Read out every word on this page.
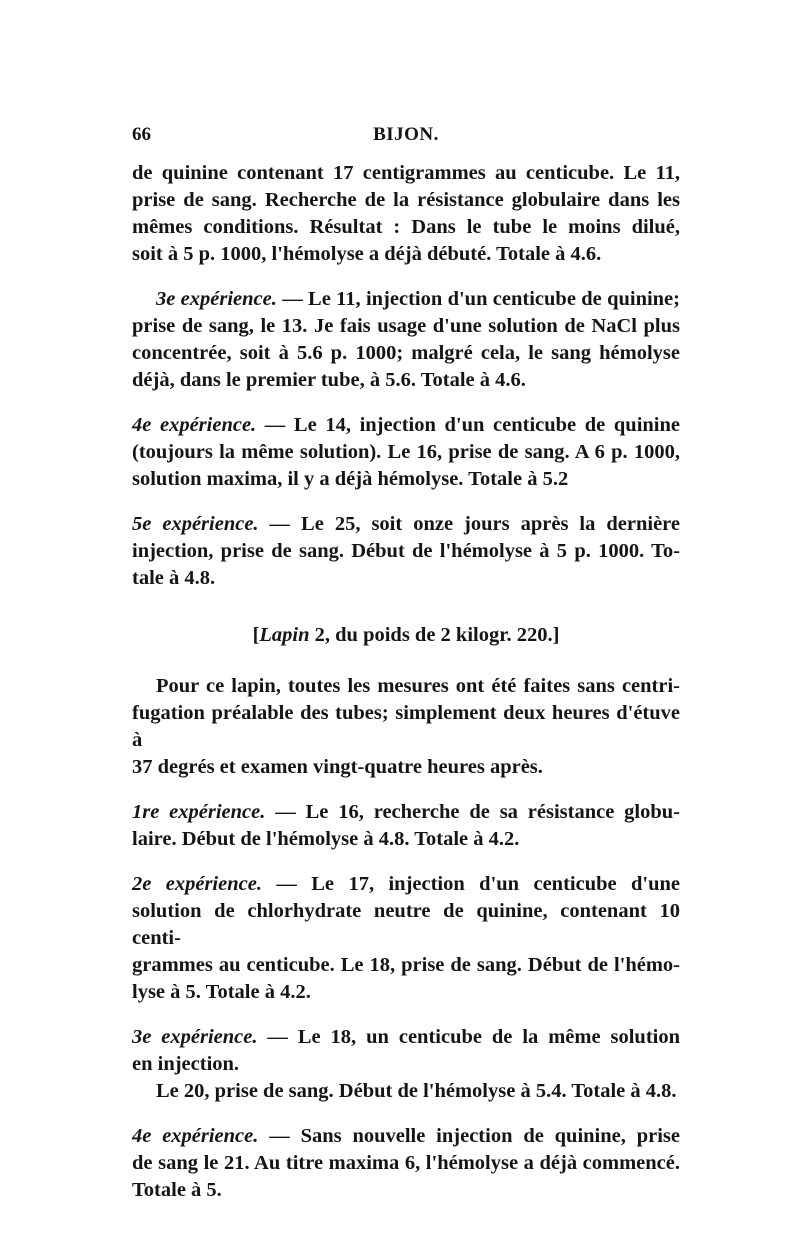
66	BIJON.

de quinine contenant 17 centigrammes au centicube. Le 11,
prise de sang. Recherche de la résistance globulaire dans les
mêmes conditions. Résultat : Dans le tube le moins dilué,
soit à 5 p. 1000, l'hémolyse a déjà débuté. Totale à 4.6.

3e expérience. — Le 11, injection d'un centicube de quinine;
prise de sang, le 13. Je fais usage d'une solution de NaCl plus
concentrée, soit à 5.6 p. 1000; malgré cela, le sang hémolyse
déjà, dans le premier tube, à 5.6. Totale à 4.6.

4e expérience. — Le 14, injection d'un centicube de quinine
(toujours la même solution). Le 16, prise de sang. A 6 p. 1000,
solution maxima, il y a déjà hémolyse. Totale à 5.2

5e expérience. — Le 25, soit onze jours après la dernière
injection, prise de sang. Début de l'hémolyse à 5 p. 1000. To-
tale à 4.8.

[Lapin 2, du poids de 2 kilogr. 220.]

Pour ce lapin, toutes les mesures ont été faites sans centri-
fugation préalable des tubes; simplement deux heures d'étuve à
37 degrés et examen vingt-quatre heures après.

1re expérience. — Le 16, recherche de sa résistance globu-
laire. Début de l'hémolyse à 4.8. Totale à 4.2.

2e expérience. — Le 17, injection d'un centicube d'une
solution de chlorhydrate neutre de quinine, contenant 10 centi-
grammes au centicube. Le 18, prise de sang. Début de l'hémo-
lyse à 5. Totale à 4.2.

3e expérience. — Le 18, un centicube de la même solution
en injection.
Le 20, prise de sang. Début de l'hémolyse à 5.4. Totale à 4.8.

4e expérience. — Sans nouvelle injection de quinine, prise
de sang le 21. Au titre maxima 6, l'hémolyse a déjà commencé.
Totale à 5.
